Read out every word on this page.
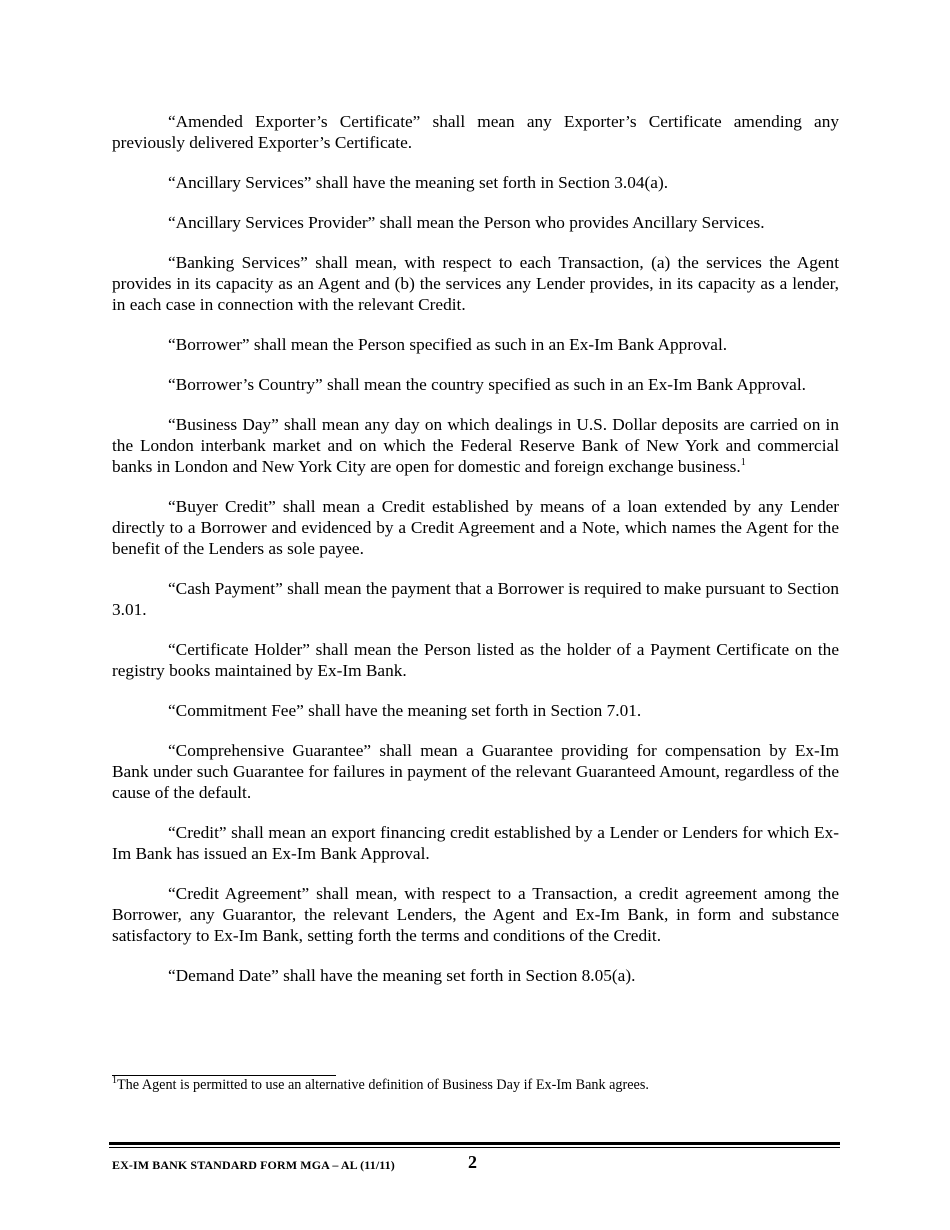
“Amended Exporter’s Certificate” shall mean any Exporter’s Certificate amending any previously delivered Exporter’s Certificate.

“Ancillary Services” shall have the meaning set forth in Section 3.04(a).

“Ancillary Services Provider” shall mean the Person who provides Ancillary Services.

“Banking Services” shall mean, with respect to each Transaction, (a) the services the Agent provides in its capacity as an Agent and (b) the services any Lender provides, in its capacity as a lender, in each case in connection with the relevant Credit.

“Borrower” shall mean the Person specified as such in an Ex-Im Bank Approval.

“Borrower’s Country” shall mean the country specified as such in an Ex-Im Bank Approval.

“Business Day” shall mean any day on which dealings in U.S. Dollar deposits are carried on in the London interbank market and on which the Federal Reserve Bank of New York and commercial banks in London and New York City are open for domestic and foreign exchange business.$^1$

“Buyer Credit” shall mean a Credit established by means of a loan extended by any Lender directly to a Borrower and evidenced by a Credit Agreement and a Note, which names the Agent for the benefit of the Lenders as sole payee.

“Cash Payment” shall mean the payment that a Borrower is required to make pursuant to Section 3.01.

“Certificate Holder” shall mean the Person listed as the holder of a Payment Certificate on the registry books maintained by Ex-Im Bank.

“Commitment Fee” shall have the meaning set forth in Section 7.01.

“Comprehensive Guarantee” shall mean a Guarantee providing for compensation by Ex-Im Bank under such Guarantee for failures in payment of the relevant Guaranteed Amount, regardless of the cause of the default.

“Credit” shall mean an export financing credit established by a Lender or Lenders for which Ex-Im Bank has issued an Ex-Im Bank Approval.

“Credit Agreement” shall mean, with respect to a Transaction, a credit agreement among the Borrower, any Guarantor, the relevant Lenders, the Agent and Ex-Im Bank, in form and substance satisfactory to Ex-Im Bank, setting forth the terms and conditions of the Credit.

“Demand Date” shall have the meaning set forth in Section 8.05(a).

$^1$The Agent is permitted to use an alternative definition of Business Day if Ex-Im Bank agrees.
EX-IM BANK STANDARD FORM MGA – AL (11/11)	2
